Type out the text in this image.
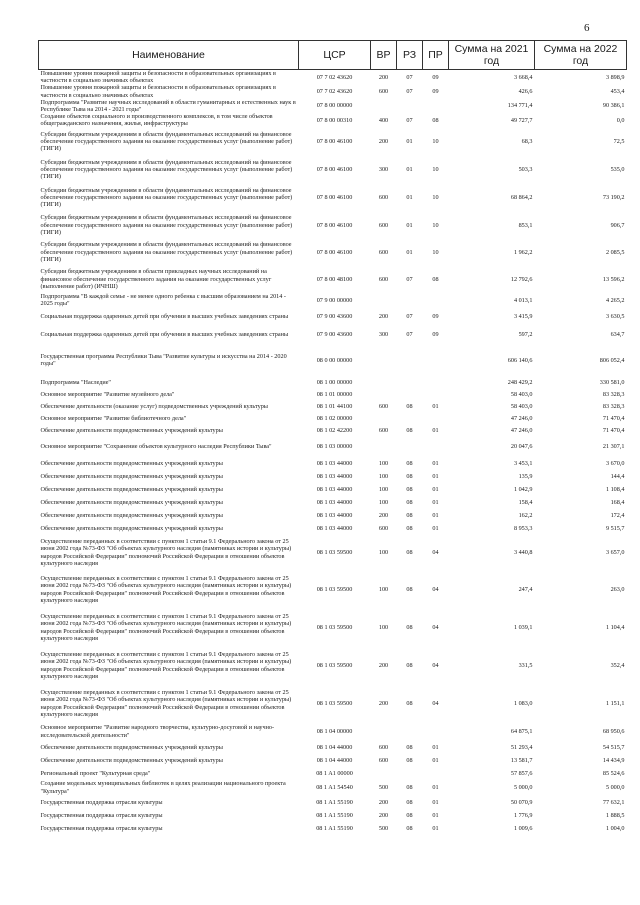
6
Наименование	ЦСР	ВР	РЗ	ПР	Сумма на 2021 год	Сумма на 2022 год
Повышение уровня пожарной защиты и безопасности в образовательных организациях в частности в социально значимых объектах	07 7 02 43620	200	07	09	3 668,4	3 898,9
Повышение уровня пожарной защиты и безопасности в образовательных организациях в частности в социально значимых объектах	07 7 02 43620	600	07	09	426,6	453,4
Подпрограмма "Развитие научных исследований в области гуманитарных и естественных наук в Республике Тыва на 2014 - 2021 годы"	07 8 00 00000				134 771,4	90 386,1
Создание объектов социального и производственного комплексов, в том числе объектов общегражданского назначения, жилья, инфраструктуры	07 8 00 00310	400	07	08	49 727,7	0,0
Субсидии бюджетным учреждениям в области фундаментальных исследований на финансовое обеспечение государственного задания на оказание государственных услуг (выполнение работ) (ТИГИ)	07 8 00 46100	200	01	10	68,3	72,5
Субсидии бюджетным учреждениям в области фундаментальных исследований на финансовое обеспечение государственного задания на оказание государственных услуг (выполнение работ) (ТИГИ)	07 8 00 46100	300	01	10	503,3	535,0
Субсидии бюджетным учреждениям в области фундаментальных исследований на финансовое обеспечение государственного задания на оказание государственных услуг (выполнение работ) (ТИГИ)	07 8 00 46100	600	01	10	68 864,2	73 190,2
Субсидии бюджетным учреждениям в области фундаментальных исследований на финансовое обеспечение государственного задания на оказание государственных услуг (выполнение работ) (ТИГИ)	07 8 00 46100	600	01	10	853,1	906,7
Субсидии бюджетным учреждениям в области фундаментальных исследований на финансовое обеспечение государственного задания на оказание государственных услуг (выполнение работ) (ТИГИ)	07 8 00 46100	600	01	10	1 962,2	2 085,5
Субсидии бюджетным учреждениям в области прикладных научных исследований на финансовое обеспечение государственного задания на оказание государственных услуг (выполнение работ) (ИЧНШ)	07 8 00 48100	600	07	08	12 792,6	13 596,2
Подпрограмма "В каждой семье - не менее одного ребенка с высшим образованием на 2014 - 2025 годы"	07 9 00 00000				4 013,1	4 265,2
Социальная поддержка одаренных детей при обучении в высших учебных заведениях страны	07 9 00 43600	200	07	09	3 415,9	3 630,5
Социальная поддержка одаренных детей при обучении в высших учебных заведениях страны	07 9 00 43600	300	07	09	597,2	634,7
Государственная программа Республики Тыва "Развитие культуры и искусства на 2014 - 2020 годы"	08 0 00 00000				606 140,6	806 052,4
Подпрограмма "Наследие"	08 1 00 00000				248 429,2	330 581,0
Основное мероприятие "Развитие музейного дела"	08 1 01 00000				58 403,0	83 328,3
Обеспечение деятельности (оказание услуг) подведомственных учреждений культуры	08 1 01 44100	600	08	01	58 403,0	83 328,3
Основное мероприятие "Развитие библиотечного дела"	08 1 02 00000				47 246,0	71 470,4
Обеспечение деятельности подведомственных учреждений культуры	08 1 02 42200	600	08	01	47 246,0	71 470,4
Основное мероприятие "Сохранение объектов культурного наследия Республики Тыва"	08 1 03 00000				20 047,6	21 307,1
Обеспечение деятельности подведомственных учреждений культуры	08 1 03 44000	100	08	01	3 453,1	3 670,0
Обеспечение деятельности подведомственных учреждений культуры	08 1 03 44000	100	08	01	135,9	144,4
Обеспечение деятельности подведомственных учреждений культуры	08 1 03 44000	100	08	01	1 042,9	1 108,4
Обеспечение деятельности подведомственных учреждений культуры	08 1 03 44000	100	08	01	158,4	168,4
Обеспечение деятельности подведомственных учреждений культуры	08 1 03 44000	200	08	01	162,2	172,4
Обеспечение деятельности подведомственных учреждений культуры	08 1 03 44000	600	08	01	8 953,3	9 515,7
Осуществление переданных в соответствии с пунктом 1 статьи 9.1 Федерального закона от 25 июня 2002 года №73-ФЗ "Об объектах культурного наследия (памятниках истории и культуры) народов Российской Федерации" полномочий Российской Федерации в отношении объектов культурного наследия	08 1 03 59500	100	08	04	3 440,8	3 657,0
Осуществление переданных в соответствии с пунктом 1 статьи 9.1 Федерального закона от 25 июня 2002 года №73-ФЗ "Об объектах культурного наследия (памятниках истории и культуры) народов Российской Федерации" полномочий Российской Федерации в отношении объектов культурного наследия	08 1 03 59500	100	08	04	247,4	263,0
Осуществление переданных в соответствии с пунктом 1 статьи 9.1 Федерального закона от 25 июня 2002 года №73-ФЗ "Об объектах культурного наследия (памятниках истории и культуры) народов Российской Федерации" полномочий Российской Федерации в отношении объектов культурного наследия	08 1 03 59500	100	08	04	1 039,1	1 104,4
Осуществление переданных в соответствии с пунктом 1 статьи 9.1 Федерального закона от 25 июня 2002 года №73-ФЗ "Об объектах культурного наследия (памятниках истории и культуры) народов Российской Федерации" полномочий Российской Федерации в отношении объектов культурного наследия	08 1 03 59500	200	08	04	331,5	352,4
Осуществление переданных в соответствии с пунктом 1 статьи 9.1 Федерального закона от 25 июня 2002 года №73-ФЗ "Об объектах культурного наследия (памятниках истории и культуры) народов Российской Федерации" полномочий Российской Федерации в отношении объектов культурного наследия	08 1 03 59500	200	08	04	1 083,0	1 151,1
Основное мероприятие "Развитие народного творчества, культурно-досуговой и научно-исследовательской деятельности"	08 1 04 00000				64 875,1	68 950,6
Обеспечение деятельности подведомственных учреждений культуры	08 1 04 44000	600	08	01	51 293,4	54 515,7
Обеспечение деятельности подведомственных учреждений культуры	08 1 04 44000	600	08	01	13 581,7	14 434,9
Региональный проект "Культурная среда"	08 1 A1 00000				57 857,6	85 524,6
Создание модельных муниципальных библиотек в целях реализации национального проекта "Культура"	08 1 A1 54540	500	08	01	5 000,0	5 000,0
Государственная поддержка отрасли культуры	08 1 A1 55190	200	08	01	50 070,9	77 632,1
Государственная поддержка отрасли культуры	08 1 A1 55190	200	08	01	1 776,9	1 888,5
Государственная поддержка отрасли культуры	08 1 A1 55190	500	08	01	1 009,6	1 004,0
